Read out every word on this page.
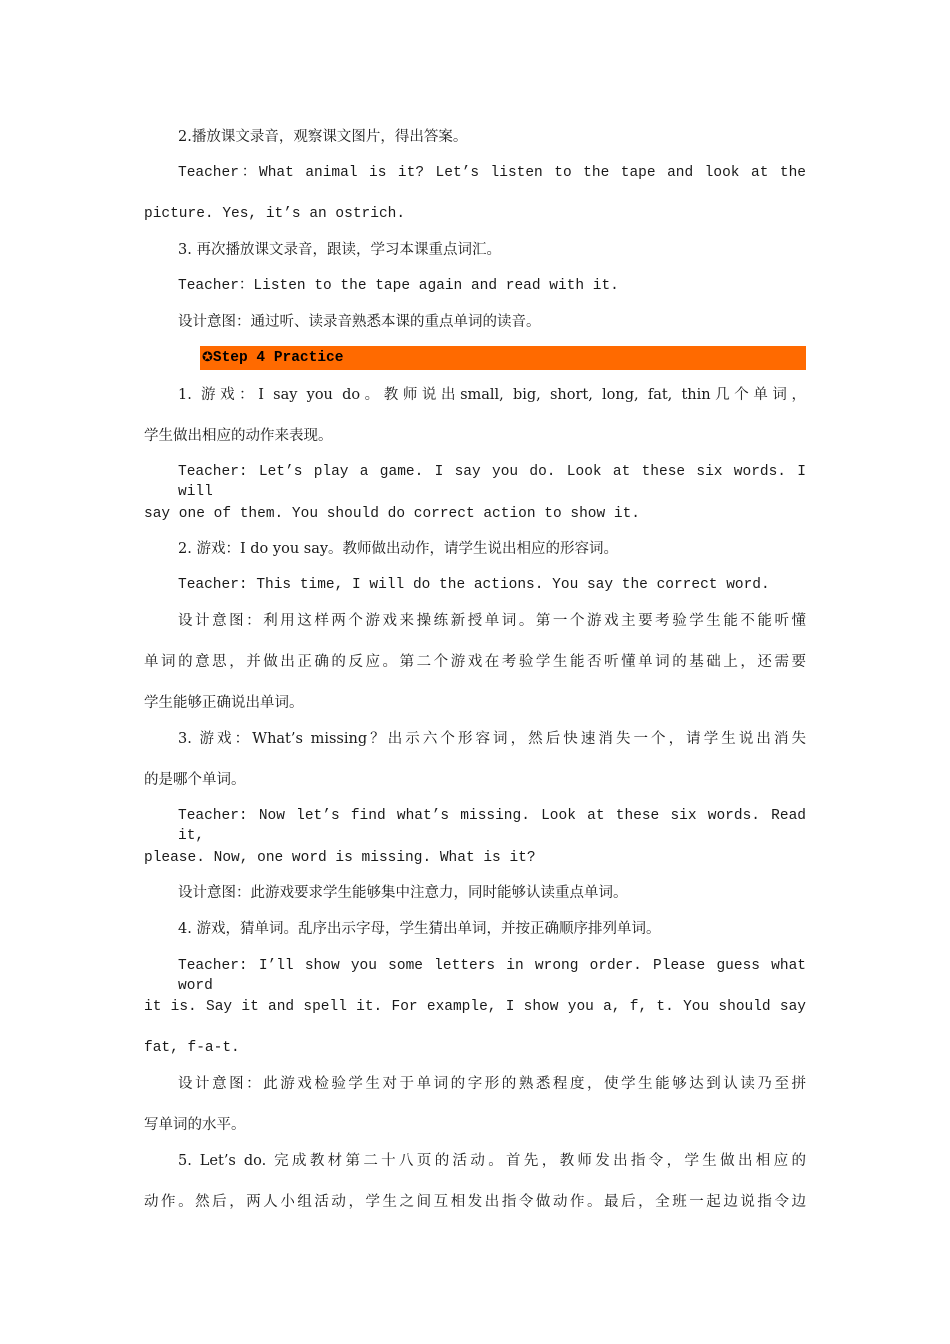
2.播放课文录音，观察课文图片，得出答案。
Teacher：What animal is it? Let’s listen to the tape and look at the
picture. Yes, it’s an ostrich.
3. 再次播放课文录音，跟读，学习本课重点词汇。
Teacher：Listen to the tape again and read with it.
设计意图：通过听、读录音熟悉本课的重点单词的读音。
✪Step 4 Practice
1. 游戏：I say you do。教师说出small, big, short, long, fat, thin几个单词，
学生做出相应的动作来表现。
Teacher: Let’s play a game. I say you do. Look at these six words. I will
say one of them. You should do correct action to show it.
2. 游戏：I do you say。教师做出动作，请学生说出相应的形容词。
Teacher: This time, I will do the actions. You say the correct word.
设计意图：利用这样两个游戏来操练新授单词。第一个游戏主要考验学生能不能听懂
单词的意思，并做出正确的反应。第二个游戏在考验学生能否听懂单词的基础上，还需要
学生能够正确说出单词。
3. 游戏：What’s missing？出示六个形容词，然后快速消失一个，请学生说出消失
的是哪个单词。
Teacher: Now let’s find what’s missing. Look at these six words. Read it,
please. Now, one word is missing. What is it?
设计意图：此游戏要求学生能够集中注意力，同时能够认读重点单词。
4. 游戏，猜单词。乱序出示字母，学生猜出单词，并按正确顺序排列单词。
Teacher: I’ll show you some letters in wrong order. Please guess what word
it is. Say it and spell it. For example, I show you a, f, t. You should say
fat, f-a-t.
设计意图：此游戏检验学生对于单词的字形的熟悉程度，使学生能够达到认读乃至拼
写单词的水平。
5. Let’s do. 完成教材第二十八页的活动。首先，教师发出指令，学生做出相应的
动作。然后，两人小组活动，学生之间互相发出指令做动作。最后，全班一起边说指令边
